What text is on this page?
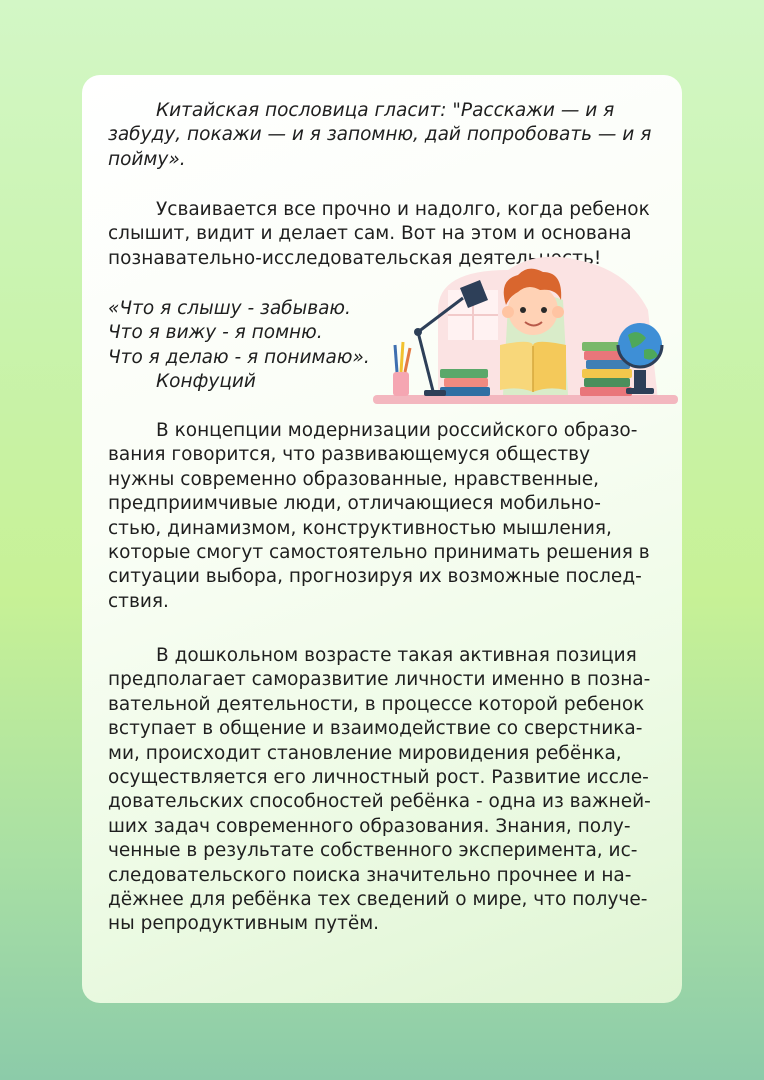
Китайская пословица гласит: "Расскажи — и я
забуду, покажи — и я запомню, дай попробовать — и я
пойму».

Усваивается все прочно и надолго, когда ребенок
слышит, видит и делает сам. Вот на этом и основана
познавательно-исследовательская деятельность!

«Что я слышу - забываю.
Что я вижу - я помню.
Что я делаю - я понимаю».
Конфуций

В концепции модернизации российского образо-
вания говорится, что развивающемуся обществу
нужны современно образованные, нравственные,
предприимчивые люди, отличающиеся мобильно-
стью, динамизмом, конструктивностью мышления,
которые смогут самостоятельно принимать решения в
ситуации выбора, прогнозируя их возможные послед-
ствия.

В дошкольном возрасте такая активная позиция
предполагает саморазвитие личности именно в позна-
вательной деятельности, в процессе которой ребенок
вступает в общение и взаимодействие со сверстника-
ми, происходит становление мировидения ребёнка,
осуществляется его личностный рост. Развитие иссле-
довательских способностей ребёнка - одна из важней-
ших задач современного образования. Знания, полу-
ченные в результате собственного эксперимента, ис-
следовательского поиска значительно прочнее и на-
дёжнее для ребёнка тех сведений о мире, что получе-
ны репродуктивным путём.
